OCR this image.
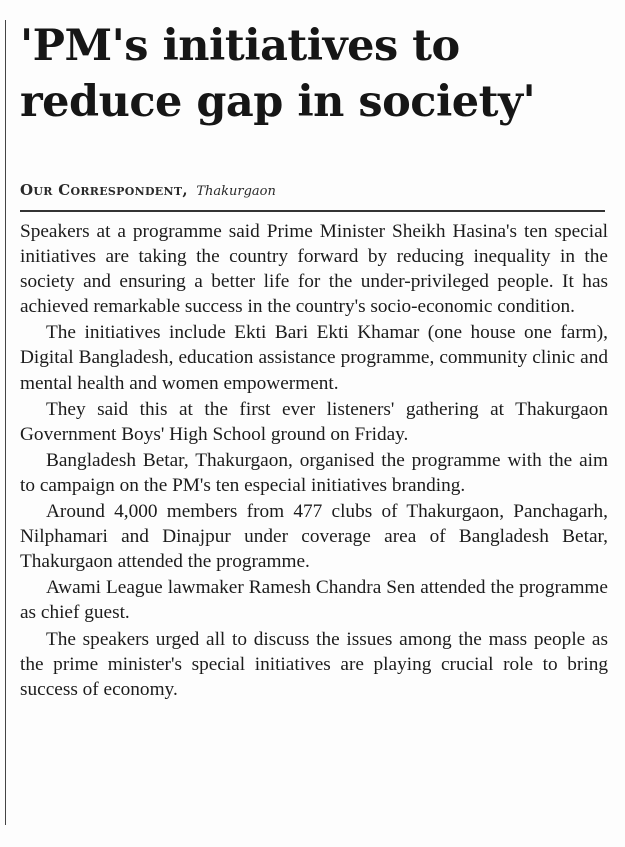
'PM's initiatives to reduce gap in society'
Our Correspondent, Thakurgaon

Speakers at a programme said Prime Minister Sheikh Hasina's ten special initiatives are taking the country forward by reducing inequality in the society and ensuring a better life for the under-privileged people. It has achieved remarkable success in the country's socio-economic condition.

The initiatives include Ekti Bari Ekti Khamar (one house one farm), Digital Bangladesh, education assistance programme, community clinic and mental health and women empowerment.

They said this at the first ever listeners' gathering at Thakurgaon Government Boys' High School ground on Friday.

Bangladesh Betar, Thakurgaon, organised the programme with the aim to campaign on the PM's ten especial initiatives branding.

Around 4,000 members from 477 clubs of Thakurgaon, Panchagarh, Nilphamari and Dinajpur under coverage area of Bangladesh Betar, Thakurgaon attended the programme.

Awami League lawmaker Ramesh Chandra Sen attended the programme as chief guest.

The speakers urged all to discuss the issues among the mass people as the prime minister's special initiatives are playing crucial role to bring success of economy.
